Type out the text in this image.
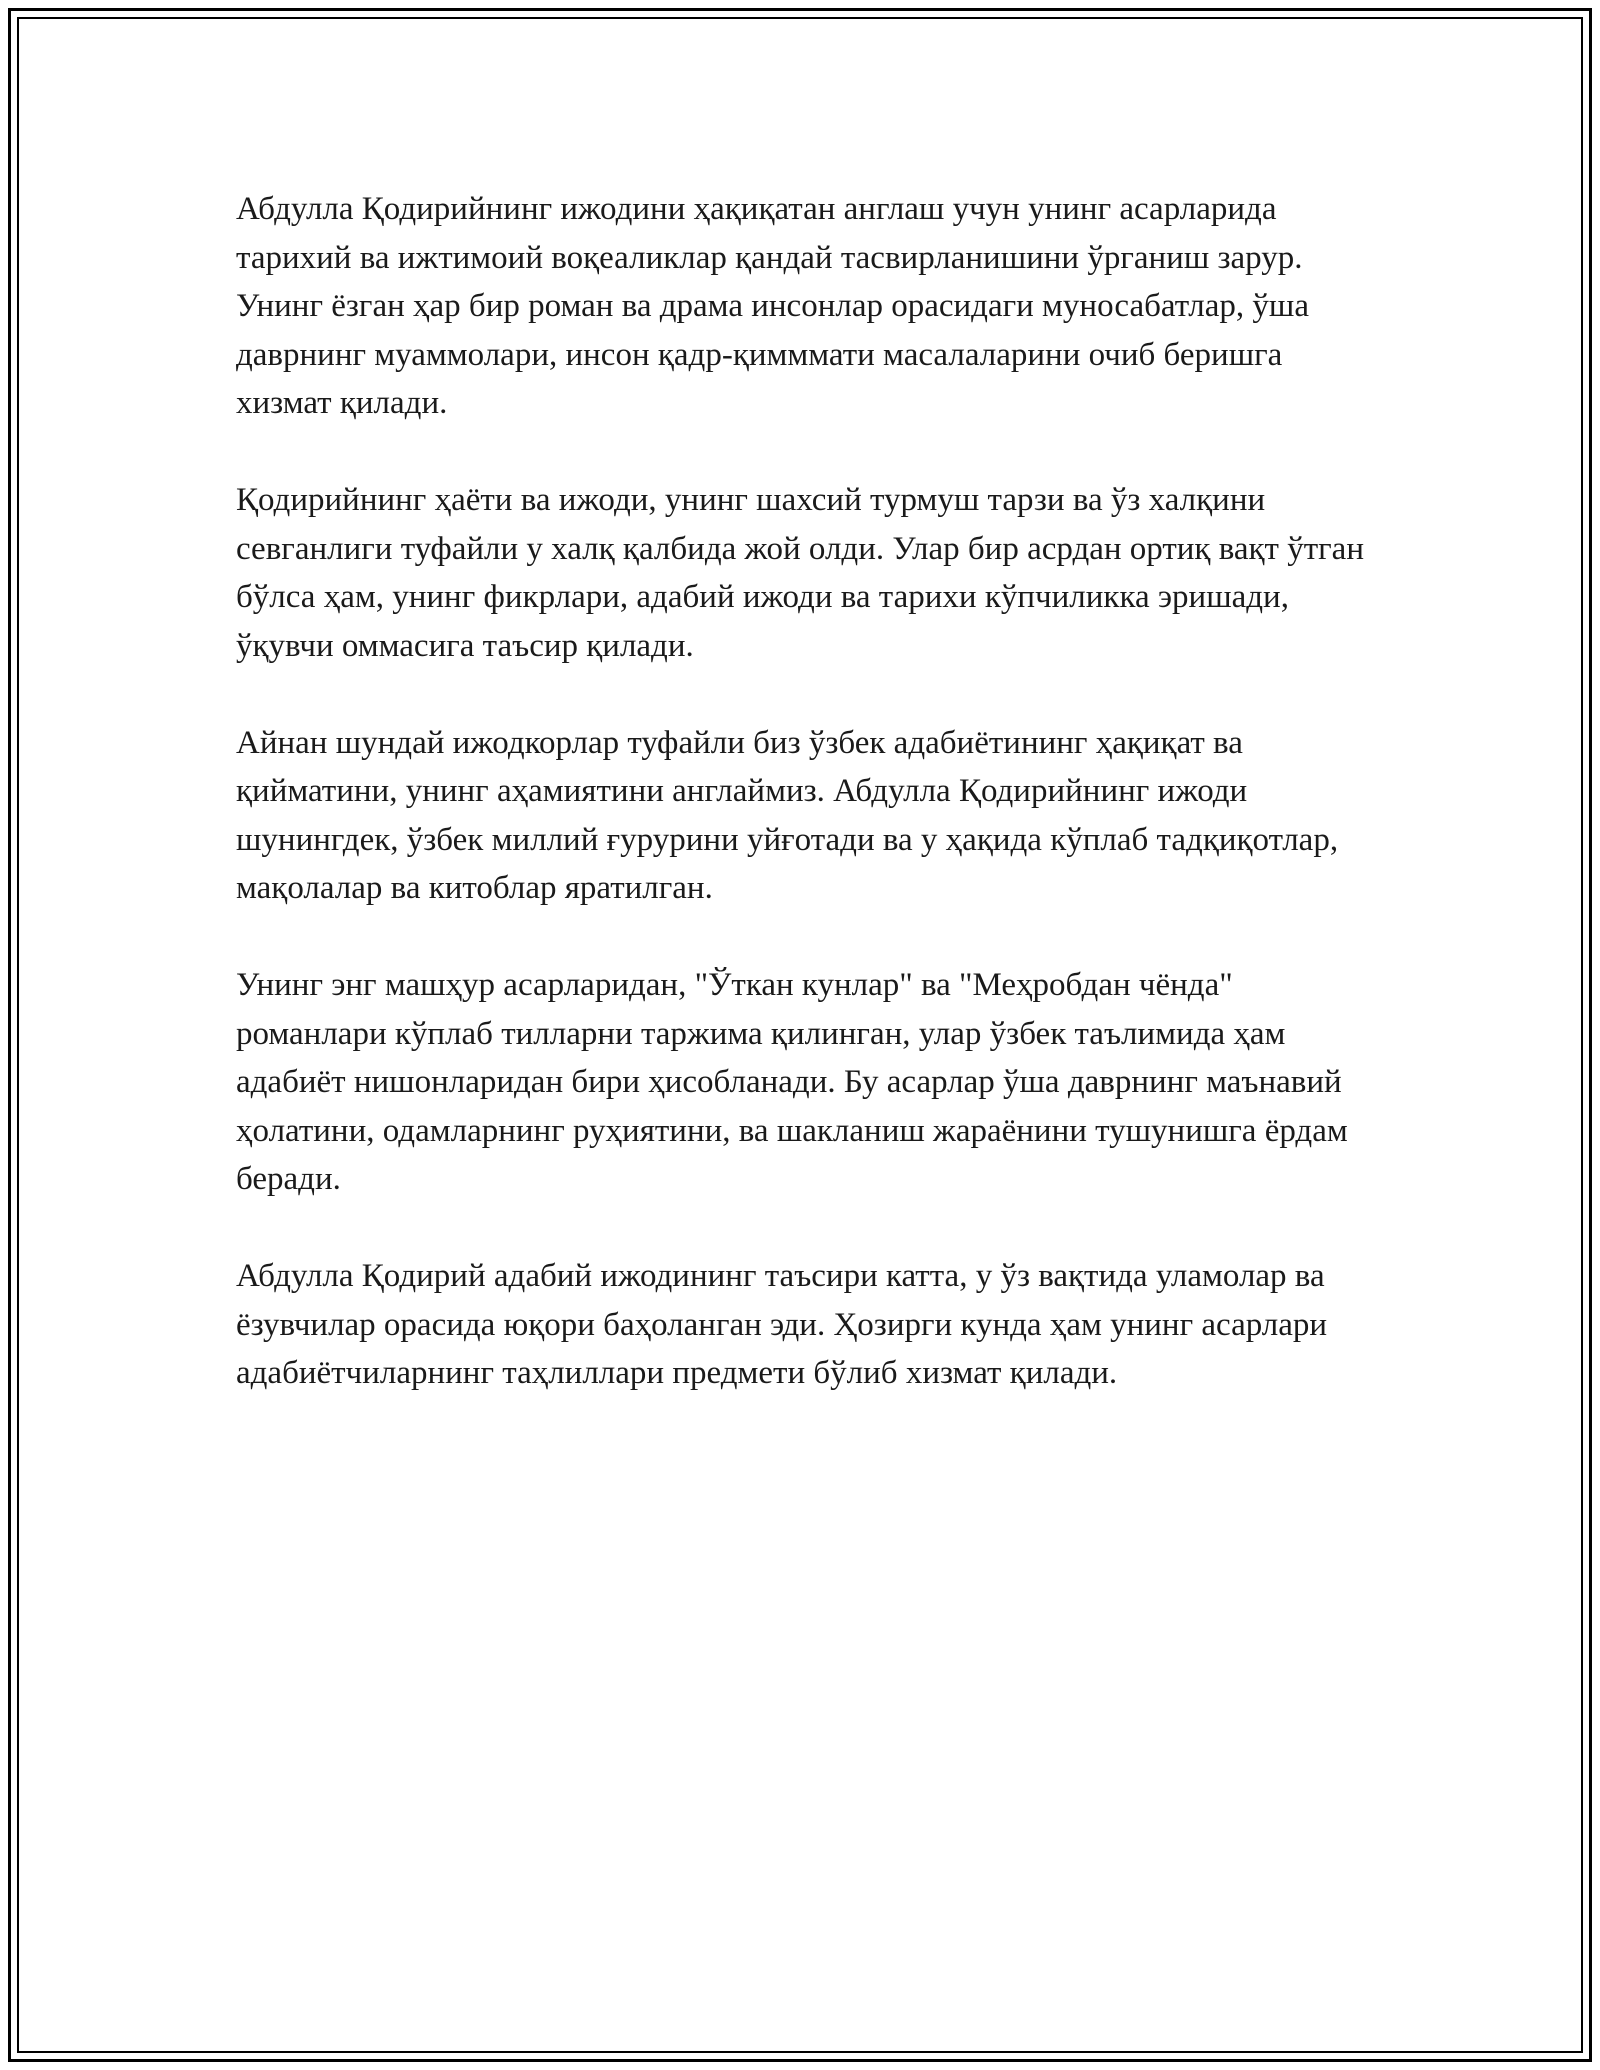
Абдулла Қодирийнинг ижодини ҳақиқатан англаш учун унинг асарларида тарихий ва ижтимоий воқеаликлар қандай тасвирланишини ўрганиш зарур. Унинг ёзган ҳар бир роман ва драма инсонлар орасидаги муносабатлар, ўша даврнинг муаммолари, инсон қадр-қимммати масалаларини очиб беришга хизмат қилади.

Қодирийнинг ҳаёти ва ижоди, унинг шахсий турмуш тарзи ва ўз халқини севганлиги туфайли у халқ қалбида жой олди. Улар бир асрдан ортиқ вақт ўтган бўлса ҳам, унинг фикрлари, адабий ижоди ва тарихи кўпчиликка эришади, ўқувчи оммасига таъсир қилади.

Айнан шундай ижодкорлар туфайли биз ўзбек адабиётининг ҳақиқат ва қийматини, унинг аҳамиятини англаймиз. Абдулла Қодирийнинг ижоди шунингдек, ўзбек миллий ғурурини уйғотади ва у ҳақида кўплаб тадқиқотлар, мақолалар ва китоблар яратилган.

Унинг энг машҳур асарларидан, "Ўткан кунлар" ва "Меҳробдан чёнда" романлари кўплаб тилларни таржима қилинган, улар ўзбек таълимида ҳам адабиёт нишонларидан бири ҳисобланади. Бу асарлар ўша даврнинг маънавий ҳолатини, одамларнинг руҳиятини, ва шакланиш жараёнини тушунишга ёрдам беради.

Абдулла Қодирий адабий ижодининг таъсири катта, у ўз вақтида уламолар ва ёзувчилар орасида юқори баҳоланган эди. Ҳозирги кунда ҳам унинг асарлари адабиётчиларнинг таҳлиллари предмети бўлиб хизмат қилади.
